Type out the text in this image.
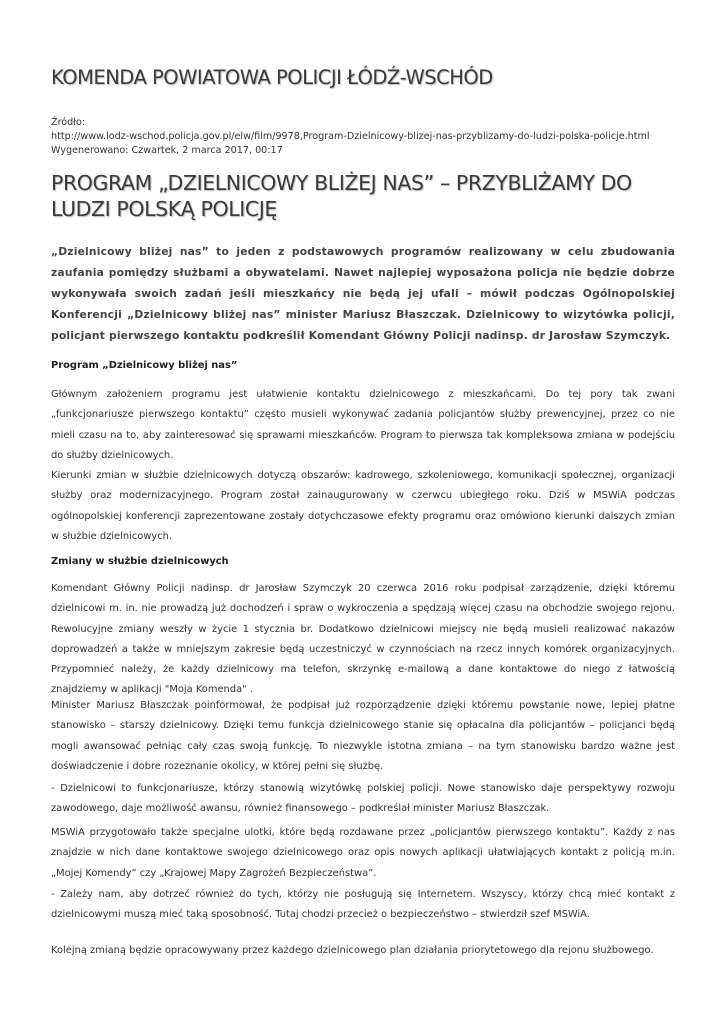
KOMENDA POWIATOWA POLICJI ŁÓDŹ-WSCHÓD
Źródło:
http://www.lodz-wschod.policja.gov.pl/elw/film/9978,Program-Dzielnicowy-blizej-nas-przyblizamy-do-ludzi-polska-policje.html
Wygenerowano: Czwartek, 2 marca 2017, 00:17
PROGRAM „DZIELNICOWY BLIŻEJ NAS” – PRZYBLIŻAMY DO LUDZI POLSKĄ POLICJĘ

„Dzielnicowy bliżej nas” to jeden z podstawowych programów realizowany w celu zbudowania zaufania pomiędzy służbami a obywatelami. Nawet najlepiej wyposażona policja nie będzie dobrze wykonywała swoich zadań jeśli mieszkańcy nie będą jej ufali – mówił podczas Ogólnopolskiej Konferencji „Dzielnicowy bliżej nas” minister Mariusz Błaszczak. Dzielnicowy to wizytówka policji, policjant pierwszego kontaktu podkreślił Komendant Główny Policji nadinsp. dr Jarosław Szymczyk.

Program „Dzielnicowy bliżej nas”

Głównym założeniem programu jest ułatwienie kontaktu dzielnicowego z mieszkańcami. Do tej pory tak zwani „funkcjonariusze pierwszego kontaktu” często musieli wykonywać zadania policjantów służby prewencyjnej, przez co nie mieli czasu na to, aby zainteresować się sprawami mieszkańców. Program to pierwsza tak kompleksowa zmiana w podejściu do służby dzielnicowych.

Kierunki zmian w służbie dzielnicowych dotyczą obszarów: kadrowego, szkoleniowego, komunikacji społecznej, organizacji służby oraz modernizacyjnego. Program został zainaugurowany w czerwcu ubiegłego roku. Dziś w MSWiA podczas ogólnopolskiej konferencji zaprezentowane zostały dotychczasowe efekty programu oraz omówiono kierunki dalszych zmian w służbie dzielnicowych.

Zmiany w służbie dzielnicowych

Komendant Główny Policji nadinsp. dr Jarosław Szymczyk 20 czerwca 2016 roku podpisał zarządzenie, dzięki któremu dzielnicowi m. in. nie prowadzą już dochodzeń i spraw o wykroczenia a spędzają więcej czasu na obchodzie swojego rejonu. Rewolucyjne zmiany weszły w życie 1 stycznia br. Dodatkowo dzielnicowi miejscy nie będą musieli realizować nakazów doprowadzeń a także w mniejszym zakresie będą uczestniczyć w czynnościach na rzecz innych komórek organizacyjnych. Przypomnieć należy, że każdy dzielnicowy ma telefon, skrzynkę e-mailową a dane kontaktowe do niego z łatwością znajdziemy w aplikacji "Moja Komenda" .

Minister Mariusz Błaszczak poinformował, że podpisał już rozporządzenie dzięki któremu powstanie nowe, lepiej płatne stanowisko – starszy dzielnicowy. Dzięki temu funkcja dzielnicowego stanie się opłacalna dla policjantów – policjanci będą mogli awansować pełniąc cały czas swoją funkcję. To niezwykle istotna zmiana – na tym stanowisku bardzo ważne jest doświadczenie i dobre rozeznanie okolicy, w której pełni się służbę.

- Dzielnicowi to funkcjonariusze, którzy stanowią wizytówkę polskiej policji. Nowe stanowisko daje perspektywy rozwoju zawodowego, daje możliwość awansu, również finansowego – podkreślał minister Mariusz Błaszczak.

MSWiA przygotowało także specjalne ulotki, które będą rozdawane przez „policjantów pierwszego kontaktu”. Każdy z nas znajdzie w nich dane kontaktowe swojego dzielnicowego oraz opis nowych aplikacji ułatwiających kontakt z policją m.in. „Mojej Komendy” czy „Krajowej Mapy Zagrożeń Bezpieczeństwa”.

- Zależy nam, aby dotrzeć również do tych, którzy nie posługują się Internetem. Wszyscy, którzy chcą mieć kontakt z dzielnicowymi muszą mieć taką sposobność. Tutaj chodzi przecież o bezpieczeństwo – stwierdził szef MSWiA.

Kolejną zmianą będzie opracowywany przez każdego dzielnicowego plan działania priorytetowego dla rejonu służbowego.
